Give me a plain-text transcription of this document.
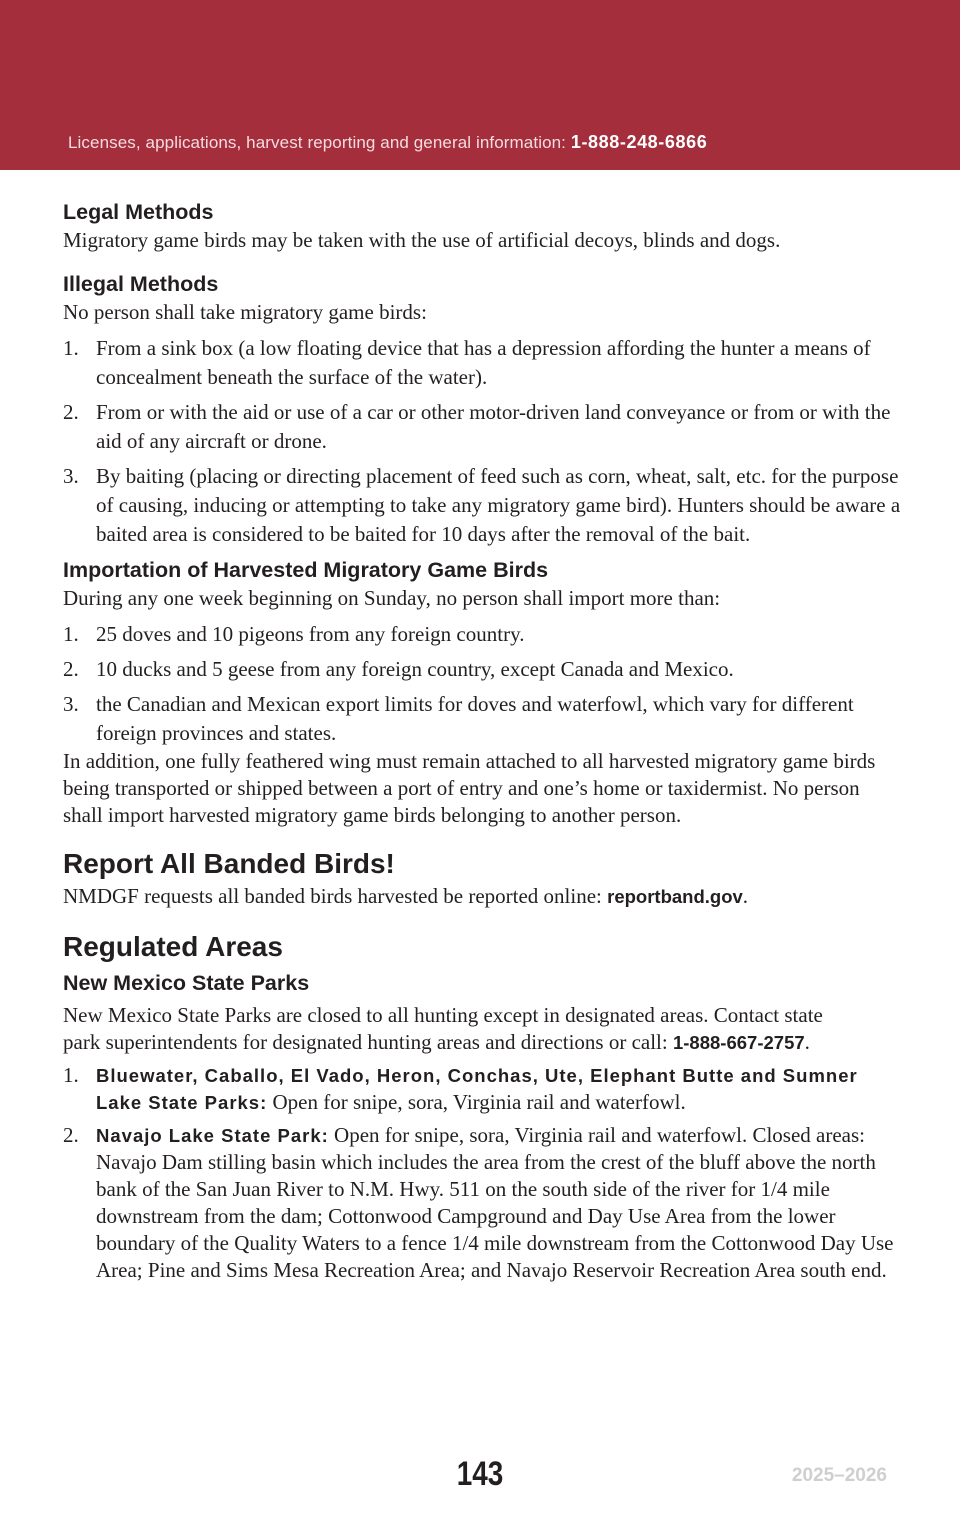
Licenses, applications, harvest reporting and general information: 1-888-248-6866
Legal Methods

Migratory game birds may be taken with the use of artificial decoys, blinds and dogs.

Illegal Methods

No person shall take migratory game birds:

1. From a sink box (a low floating device that has a depression affording the hunter a means of concealment beneath the surface of the water).
2. From or with the aid or use of a car or other motor-driven land conveyance or from or with the aid of any aircraft or drone.
3. By baiting (placing or directing placement of feed such as corn, wheat, salt, etc. for the purpose of causing, inducing or attempting to take any migratory game bird). Hunters should be aware a baited area is considered to be baited for 10 days after the removal of the bait.
Importation of Harvested Migratory Game Birds

During any one week beginning on Sunday, no person shall import more than:

1. 25 doves and 10 pigeons from any foreign country.
2. 10 ducks and 5 geese from any foreign country, except Canada and Mexico.
3. the Canadian and Mexican export limits for doves and waterfowl, which vary for different foreign provinces and states.

In addition, one fully feathered wing must remain attached to all harvested migratory game birds being transported or shipped between a port of entry and one’s home or taxidermist. No person shall import harvested migratory game birds belonging to another person.

Report All Banded Birds!

NMDGF requests all banded birds harvested be reported online: reportband.gov.

Regulated Areas
New Mexico State Parks

New Mexico State Parks are closed to all hunting except in designated areas. Contact state park superintendents for designated hunting areas and directions or call: 1-888-667-2757.

1. Bluewater, Caballo, El Vado, Heron, Conchas, Ute, Elephant Butte and Sumner Lake State Parks: Open for snipe, sora, Virginia rail and waterfowl.
2. Navajo Lake State Park: Open for snipe, sora, Virginia rail and waterfowl. Closed areas: Navajo Dam stilling basin which includes the area from the crest of the bluff above the north bank of the San Juan River to N.M. Hwy. 511 on the south side of the river for 1/4 mile downstream from the dam; Cottonwood Campground and Day Use Area from the lower boundary of the Quality Waters to a fence 1/4 mile downstream from the Cottonwood Day Use Area; Pine and Sims Mesa Recreation Area; and Navajo Reservoir Recreation Area south end.
143	2025–2026
